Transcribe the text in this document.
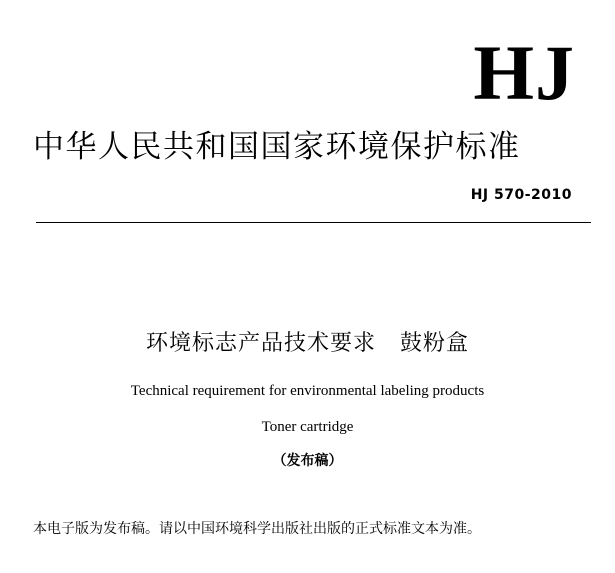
HJ
中华人民共和国国家环境保护标准
HJ 570-2010
环境标志产品技术要求   鼓粉盒
Technical requirement for environmental labeling products
Toner cartridge
（发布稿）
本电子版为发布稿。请以中国环境科学出版社出版的正式标准文本为准。
